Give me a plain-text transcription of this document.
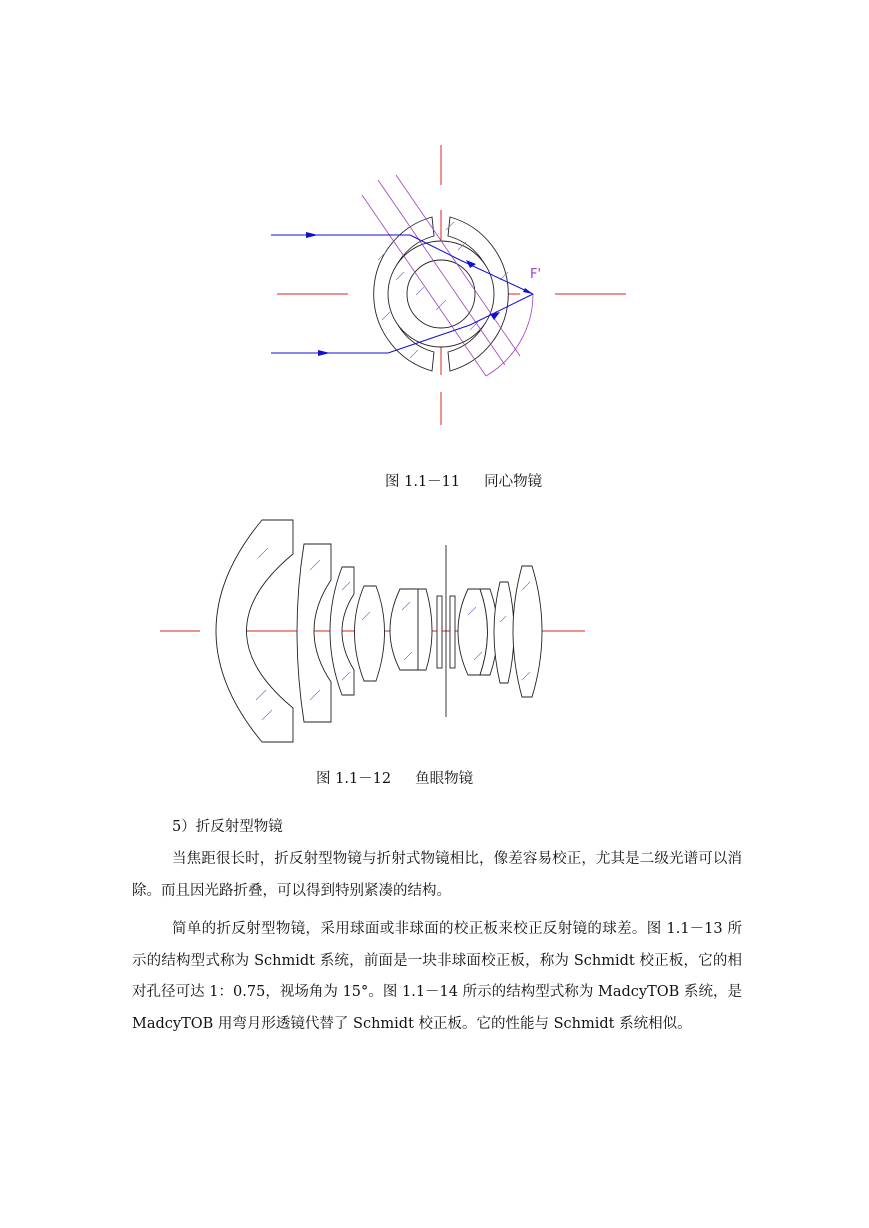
F'
图 1.1－11 同心物镜
图 1.1－12 鱼眼物镜

5）折反射型物镜

当焦距很长时，折反射型物镜与折射式物镜相比，像差容易校正，尤其是二级光谱可以消除。而且因光路折叠，可以得到特别紧凑的结构。

简单的折反射型物镜，采用球面或非球面的校正板来校正反射镜的球差。图 1.1－13 所示的结构型式称为 Schmidt 系统，前面是一块非球面校正板，称为 Schmidt 校正板，它的相对孔径可达 1：0.75，视场角为 15°。图 1.1－14 所示的结构型式称为 MadcyTOB 系统，是 MadcyTOB 用弯月形透镜代替了 Schmidt 校正板。它的性能与 Schmidt 系统相似。
